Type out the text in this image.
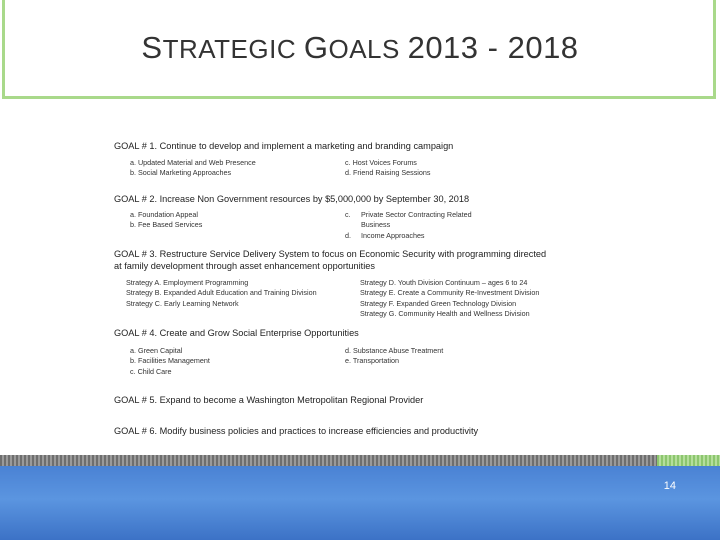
STRATEGIC GOALS 2013 - 2018
GOAL # 1. Continue to develop and implement a marketing and branding campaign
a. Updated Material and Web Presence
b. Social Marketing Approaches
c. Host Voices Forums
d. Friend Raising Sessions
GOAL # 2. Increase Non Government resources by $5,000,000 by September 30, 2018
a. Foundation Appeal
b. Fee Based Services
c. Private Sector Contracting Related
Business
d. Income Approaches
GOAL # 3. Restructure Service Delivery System to focus on Economic Security with programming directed
at family development through asset enhancement opportunities
Strategy A. Employment Programming
Strategy B. Expanded Adult Education and Training Division
Strategy C. Early Learning Network
Strategy D. Youth Division Continuum – ages 6 to 24
Strategy E. Create a Community Re-Investment Division
Strategy F. Expanded Green Technology Division
Strategy G. Community Health and Wellness Division
GOAL # 4. Create and Grow Social Enterprise Opportunities
a. Green Capital
b. Facilities Management
c. Child Care
d. Substance Abuse Treatment
e. Transportation
GOAL # 5. Expand to become a Washington Metropolitan Regional Provider
GOAL # 6. Modify business policies and practices to increase efficiencies and productivity
14
